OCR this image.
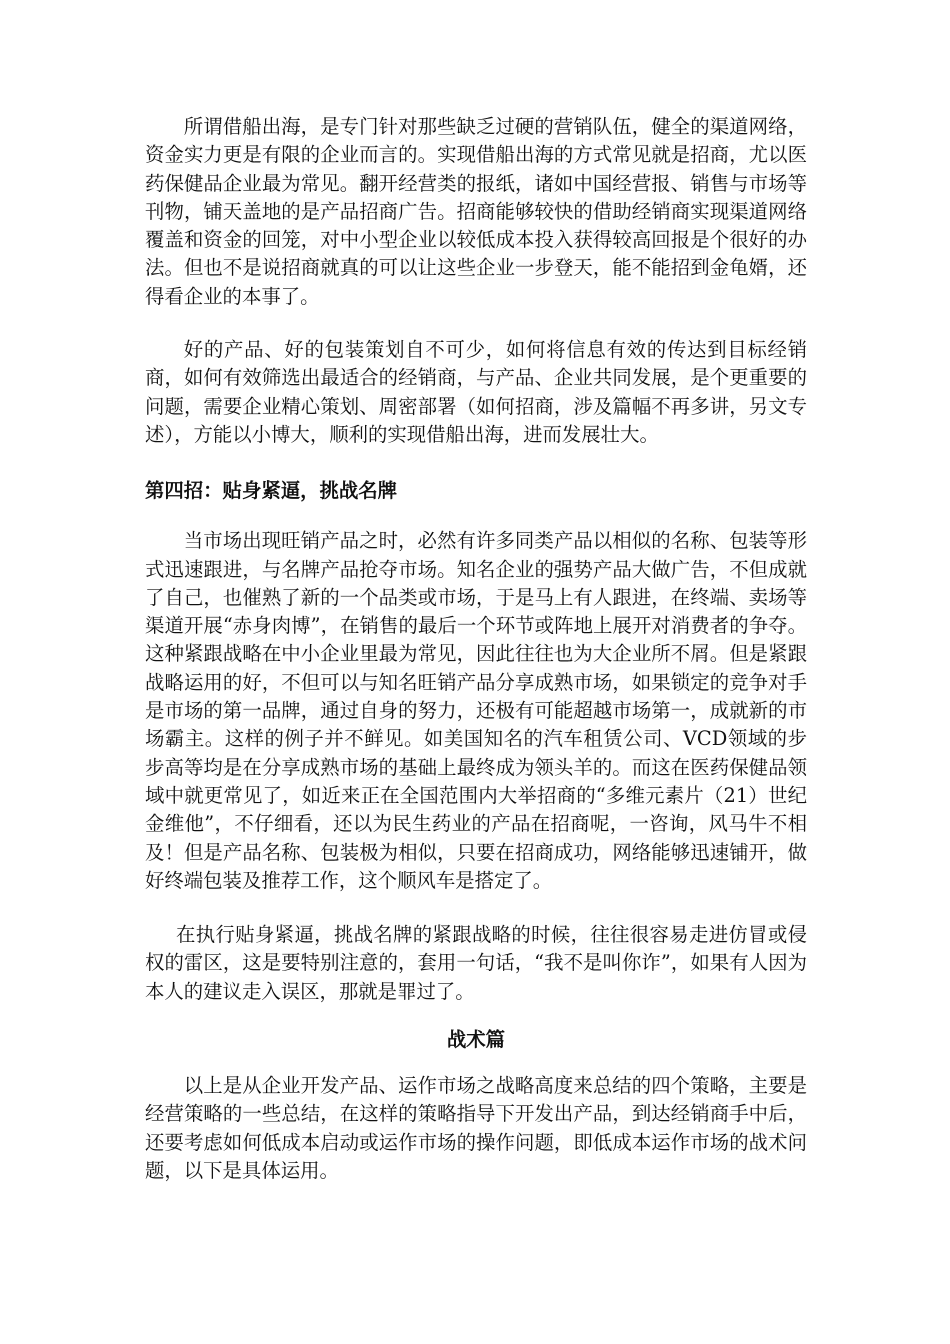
所谓借船出海，是专门针对那些缺乏过硬的营销队伍，健全的渠道网络，资金实力更是有限的企业而言的。实现借船出海的方式常见就是招商，尤以医药保健品企业最为常见。翻开经营类的报纸，诸如中国经营报、销售与市场等刊物，铺天盖地的是产品招商广告。招商能够较快的借助经销商实现渠道网络覆盖和资金的回笼，对中小型企业以较低成本投入获得较高回报是个很好的办法。但也不是说招商就真的可以让这些企业一步登天，能不能招到金龟婿，还得看企业的本事了。

好的产品、好的包装策划自不可少，如何将信息有效的传达到目标经销商，如何有效筛选出最适合的经销商，与产品、企业共同发展，是个更重要的问题，需要企业精心策划、周密部署（如何招商，涉及篇幅不再多讲，另文专述），方能以小博大，顺利的实现借船出海，进而发展壮大。

第四招：贴身紧逼，挑战名牌

当市场出现旺销产品之时，必然有许多同类产品以相似的名称、包装等形式迅速跟进，与名牌产品抢夺市场。知名企业的强势产品大做广告，不但成就了自己，也催熟了新的一个品类或市场，于是马上有人跟进，在终端、卖场等渠道开展“赤身肉博”，在销售的最后一个环节或阵地上展开对消费者的争夺。这种紧跟战略在中小企业里最为常见，因此往往也为大企业所不屑。但是紧跟战略运用的好，不但可以与知名旺销产品分享成熟市场，如果锁定的竞争对手是市场的第一品牌，通过自身的努力，还极有可能超越市场第一，成就新的市场霸主。这样的例子并不鲜见。如美国知名的汽车租赁公司、VCD领域的步步高等均是在分享成熟市场的基础上最终成为领头羊的。而这在医药保健品领域中就更常见了，如近来正在全国范围内大举招商的“多维元素片（21）世纪金维他”，不仔细看，还以为民生药业的产品在招商呢，一咨询，风马牛不相及！但是产品名称、包装极为相似，只要在招商成功，网络能够迅速铺开，做好终端包装及推荐工作，这个顺风车是搭定了。

在执行贴身紧逼，挑战名牌的紧跟战略的时候，往往很容易走进仿冒或侵权的雷区，这是要特别注意的，套用一句话，“我不是叫你诈”，如果有人因为本人的建议走入误区，那就是罪过了。

战术篇

以上是从企业开发产品、运作市场之战略高度来总结的四个策略，主要是经营策略的一些总结，在这样的策略指导下开发出产品，到达经销商手中后，还要考虑如何低成本启动或运作市场的操作问题，即低成本运作市场的战术问题，以下是具体运用。
